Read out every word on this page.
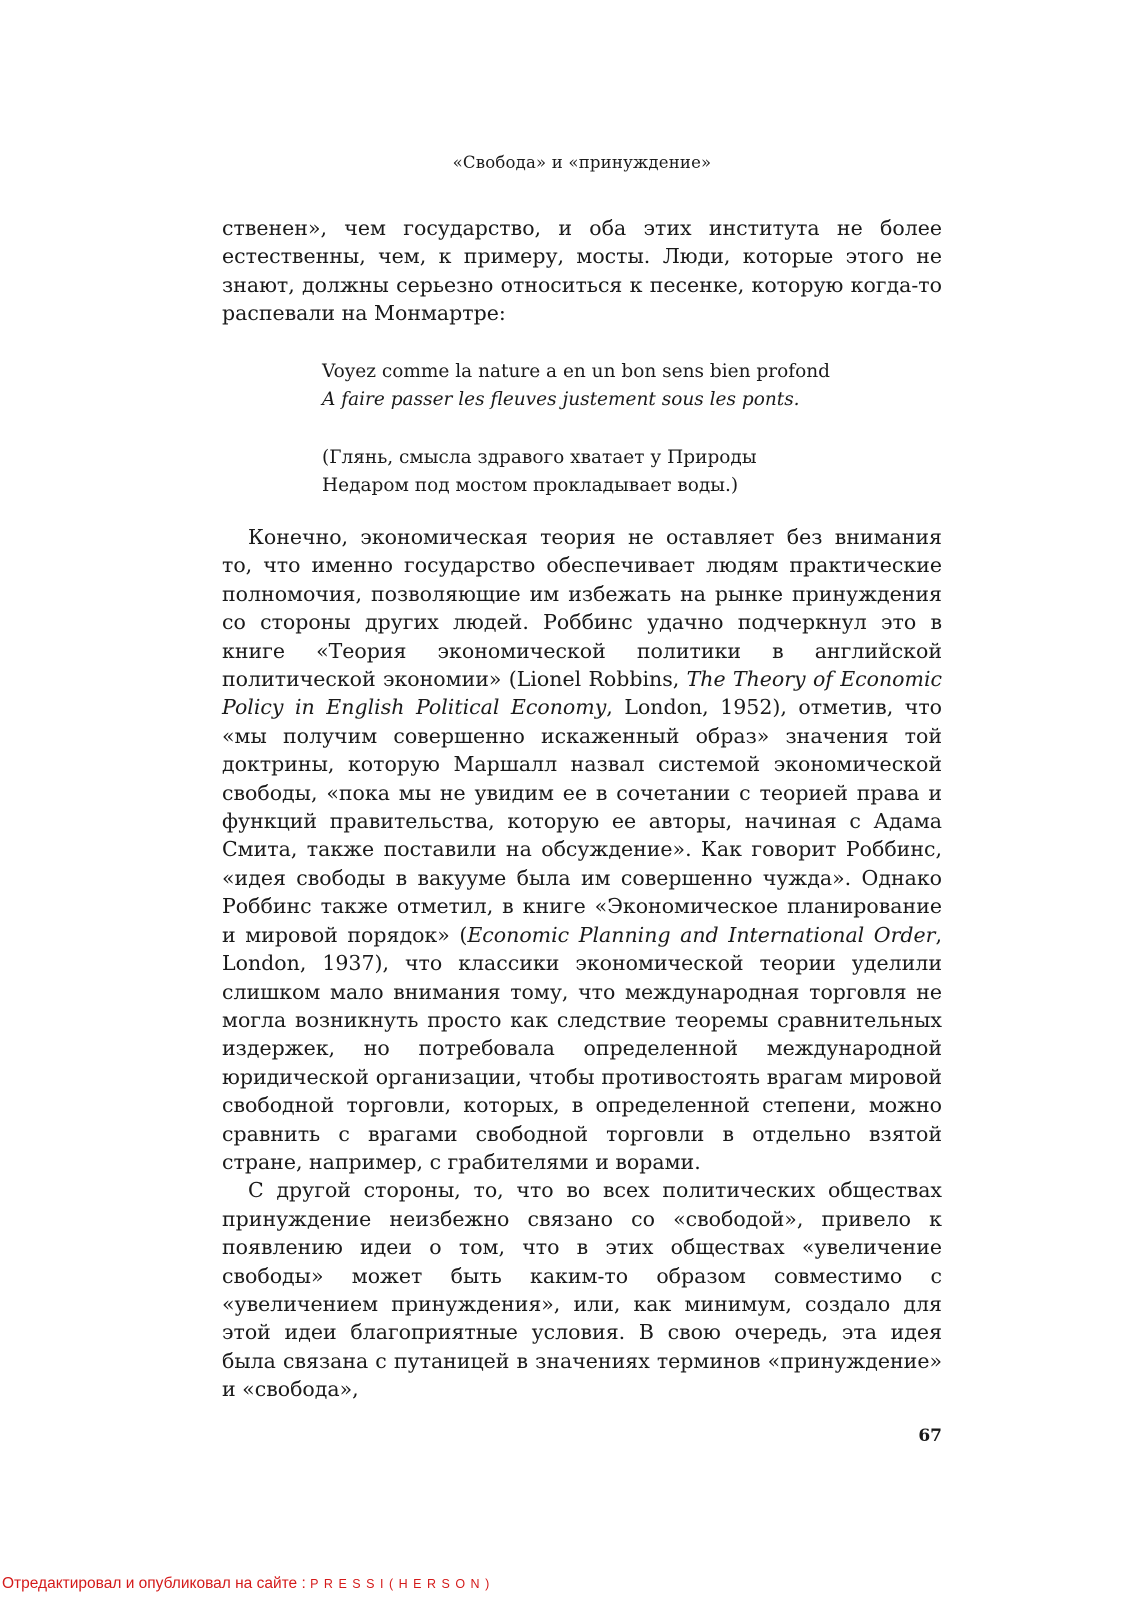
«Свобода» и «принуждение»

ственен», чем государство, и оба этих института не более естественны, чем, к примеру, мосты. Люди, которые этого не знают, должны серьезно относиться к песенке, которую когда-то распевали на Монмартре:

Voyez comme la nature a en un bon sens bien profond
A faire passer les fleuves justement sous les ponts.
(Глянь, смысла здравого хватает у Природы
Недаром под мостом прокладывает воды.)

Конечно, экономическая теория не оставляет без внимания то, что именно государство обеспечивает людям практические полномочия, позволяющие им избежать на рынке принуждения со стороны других людей. Роббинс удачно подчеркнул это в книге «Теория экономической политики в английской политической экономии» (Lionel Robbins, The Theory of Economic Policy in English Political Economy, London, 1952), отметив, что «мы получим совершенно искаженный образ» значения той доктрины, которую Маршалл назвал системой экономической свободы, «пока мы не увидим ее в сочетании с теорией права и функций правительства, которую ее авторы, начиная с Адама Смита, также поставили на обсуждение». Как говорит Роббинс, «идея свободы в вакууме была им совершенно чужда». Однако Роббинс также отметил, в книге «Экономическое планирование и мировой порядок» (Economic Planning and International Order, London, 1937), что классики экономической теории уделили слишком мало внимания тому, что международная торговля не могла возникнуть просто как следствие теоремы сравнительных издержек, но потребовала определенной международной юридической организации, чтобы противостоять врагам мировой свободной торговли, которых, в определенной степени, можно сравнить с врагами свободной торговли в отдельно взятой стране, например, с грабителями и ворами.

С другой стороны, то, что во всех политических обществах принуждение неизбежно связано со «свободой», привело к появлению идеи о том, что в этих обществах «увеличение свободы» может быть каким-то образом совместимо с «увеличением принуждения», или, как минимум, создало для этой идеи благоприятные условия. В свою очередь, эта идея была связана с путаницей в значениях терминов «принуждение» и «свобода»,

67
Отредактировал и опубликовал на сайте : PRESSI(HERSON)
